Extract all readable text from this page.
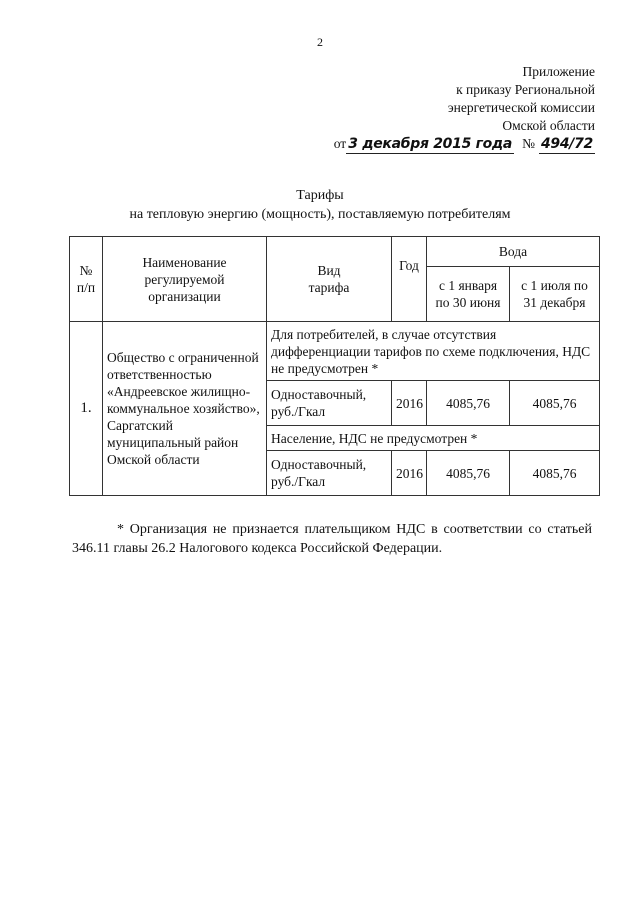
2
Приложение
к приказу Региональной
энергетической комиссии
Омской области
от 3 декабря 2015 года № 494/72
Тарифы
на тепловую энергию (мощность), поставляемую потребителям
№ п/п	Наименование регулируемой организации	Вид тарифа	Год	Вода	
				с 1 января по 30 июня	с 1 июля по 31 декабря
1.	Общество с ограниченной ответственностью «Андреевское жилищно-коммунальное хозяйство», Саргатский муниципальный район Омской области	Для потребителей, в случае отсутствия дифференциации тарифов по схеме подключения, НДС не предусмотрен *			
		Одноставочный, руб./Гкал	2016	4085,76	4085,76
		Население, НДС не предусмотрен *			
		Одноставочный, руб./Гкал	2016	4085,76	4085,76
* Организация не признается плательщиком НДС в соответствии со статьей 346.11 главы 26.2 Налогового кодекса Российской Федерации.
